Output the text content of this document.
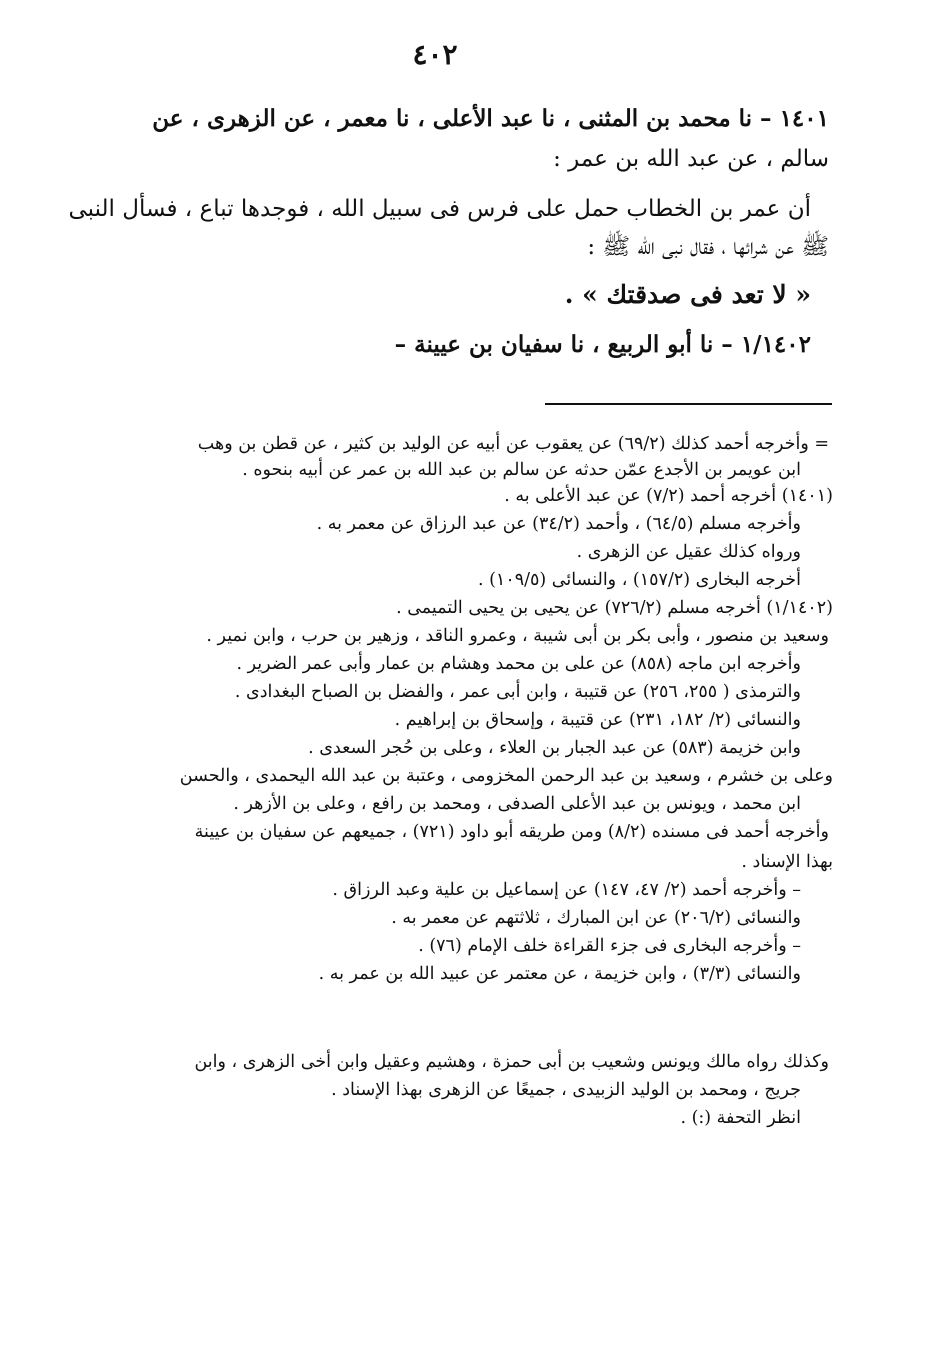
٤٠٢
١٤٠١ – نا محمد بن المثنى ، نا عبد الأعلى ، نا معمر ، عن الزهرى ، عن
سالم ، عن عبد الله بن عمر :
أن عمر بن الخطاب حمل على فرس فى سبيل الله ، فوجدها تباع ، فسأل النبى
ﷺ عن شرائها ، فقال نبى الله ﷺ :
« لا تعد فى صدقتك » .
١/١٤٠٢ – نا أبو الربيع ، نا سفيان بن عيينة –
= وأخرجه أحمد كذلك (٦٩/٢) عن يعقوب عن أبيه عن الوليد بن كثير ، عن قطن بن وهب
ابن عويمر بن الأجدع عمّن حدثه عن سالم بن عبد الله بن عمر عن أبيه بنحوه .
(١٤٠١) أخرجه أحمد (٧/٢) عن عبد الأعلى به .
وأخرجه مسلم (٦٤/٥) ، وأحمد (٣٤/٢) عن عبد الرزاق عن معمر به .
ورواه كذلك عقيل عن الزهرى .
أخرجه البخارى (١٥٧/٢) ، والنسائى (١٠٩/٥) .
(١/١٤٠٢) أخرجه مسلم (٧٢٦/٢) عن يحيى بن يحيى التميمى .
وسعيد بن منصور ، وأبى بكر بن أبى شيبة ، وعمرو الناقد ، وزهير بن حرب ، وابن نمير .
وأخرجه ابن ماجه (٨٥٨) عن على بن محمد وهشام بن عمار وأبى عمر الضرير .
والترمذى ( ٢٥٥، ٢٥٦) عن قتيبة ، وابن أبى عمر ، والفضل بن الصباح البغدادى .
والنسائى (٢/ ١٨٢، ٢٣١) عن قتيبة ، وإسحاق بن إبراهيم .
وابن خزيمة (٥٨٣) عن عبد الجبار بن العلاء ، وعلى بن حُجر السعدى .
وعلى بن خشرم ، وسعيد بن عبد الرحمن المخزومى ، وعتبة بن عبد الله اليحمدى ، والحسن
ابن محمد ، ويونس بن عبد الأعلى الصدفى ، ومحمد بن رافع ، وعلى بن الأزهر .
وأخرجه أحمد فى مسنده (٨/٢) ومن طريقه أبو داود (٧٢١) ، جميعهم عن سفيان بن عيينة
بهذا الإسناد .
– وأخرجه أحمد (٢/ ٤٧، ١٤٧) عن إسماعيل بن علية وعبد الرزاق .
والنسائى (٢٠٦/٢) عن ابن المبارك ، ثلاثتهم عن معمر به .
– وأخرجه البخارى فى جزء القراءة خلف الإمام (٧٦) .
والنسائى (٣/٣) ، وابن خزيمة ، عن معتمر عن عبيد الله بن عمر به .
وكذلك رواه مالك ويونس وشعيب بن أبى حمزة ، وهشيم وعقيل وابن أخى الزهرى ، وابن
جريج ، ومحمد بن الوليد الزبيدى ، جميعًا عن الزهرى بهذا الإسناد .
انظر التحفة (:) .
